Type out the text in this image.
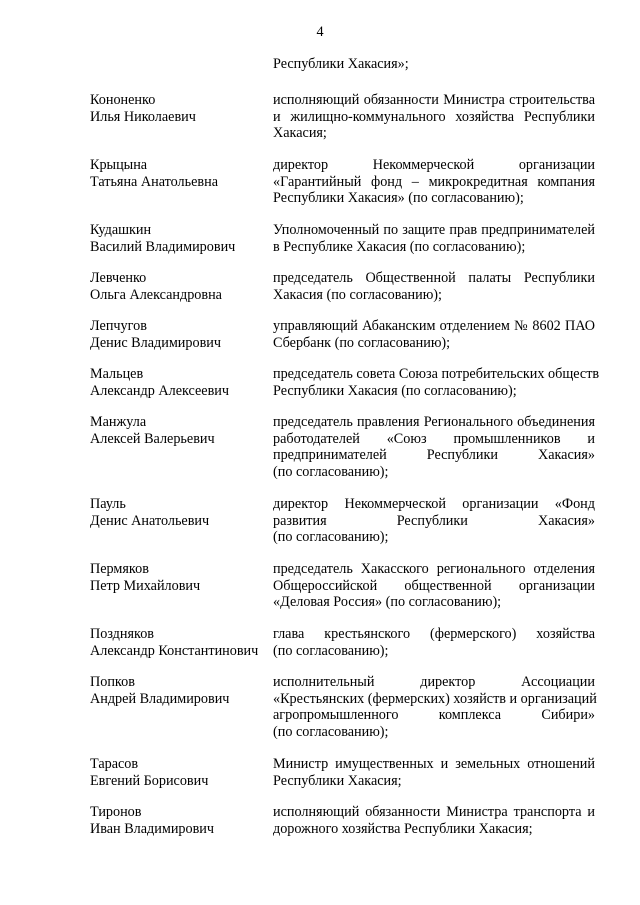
4
Республики Хакасия»;
Кононенко
Илья Николаевич
исполняющий обязанности Министра строительства
и жилищно-коммунального хозяйства Республики
Хакасия;
Крыцына
Татьяна Анатольевна
директор Некоммерческой организации
«Гарантийный фонд – микрокредитная компания
Республики Хакасия» (по согласованию);
Кудашкин
Василий Владимирович
Уполномоченный по защите прав предпринимателей
в Республике Хакасия (по согласованию);
Левченко
Ольга Александровна
председатель Общественной палаты Республики
Хакасия (по согласованию);
Лепчугов
Денис Владимирович
управляющий Абаканским отделением № 8602 ПАО
Сбербанк (по согласованию);
Мальцев
Александр Алексеевич
председатель совета Союза потребительских обществ
Республики Хакасия (по согласованию);
Манжула
Алексей Валерьевич
председатель правления Регионального объединения
работодателей «Союз промышленников и
предпринимателей Республики Хакасия»
(по согласованию);
Пауль
Денис Анатольевич
директор Некоммерческой организации «Фонд
развития Республики Хакасия»
(по согласованию);
Пермяков
Петр Михайлович
председатель Хакасского регионального отделения
Общероссийской общественной организации
«Деловая Россия» (по согласованию);
Поздняков
Александр Константинович
глава крестьянского (фермерского) хозяйства
(по согласованию);
Попков
Андрей Владимирович
исполнительный директор Ассоциации
«Крестьянских (фермерских) хозяйств и организаций
агропромышленного комплекса Сибири»
(по согласованию);
Тарасов
Евгений Борисович
Министр имущественных и земельных отношений
Республики Хакасия;
Тиронов
Иван Владимирович
исполняющий обязанности Министра транспорта и
дорожного хозяйства Республики Хакасия;
